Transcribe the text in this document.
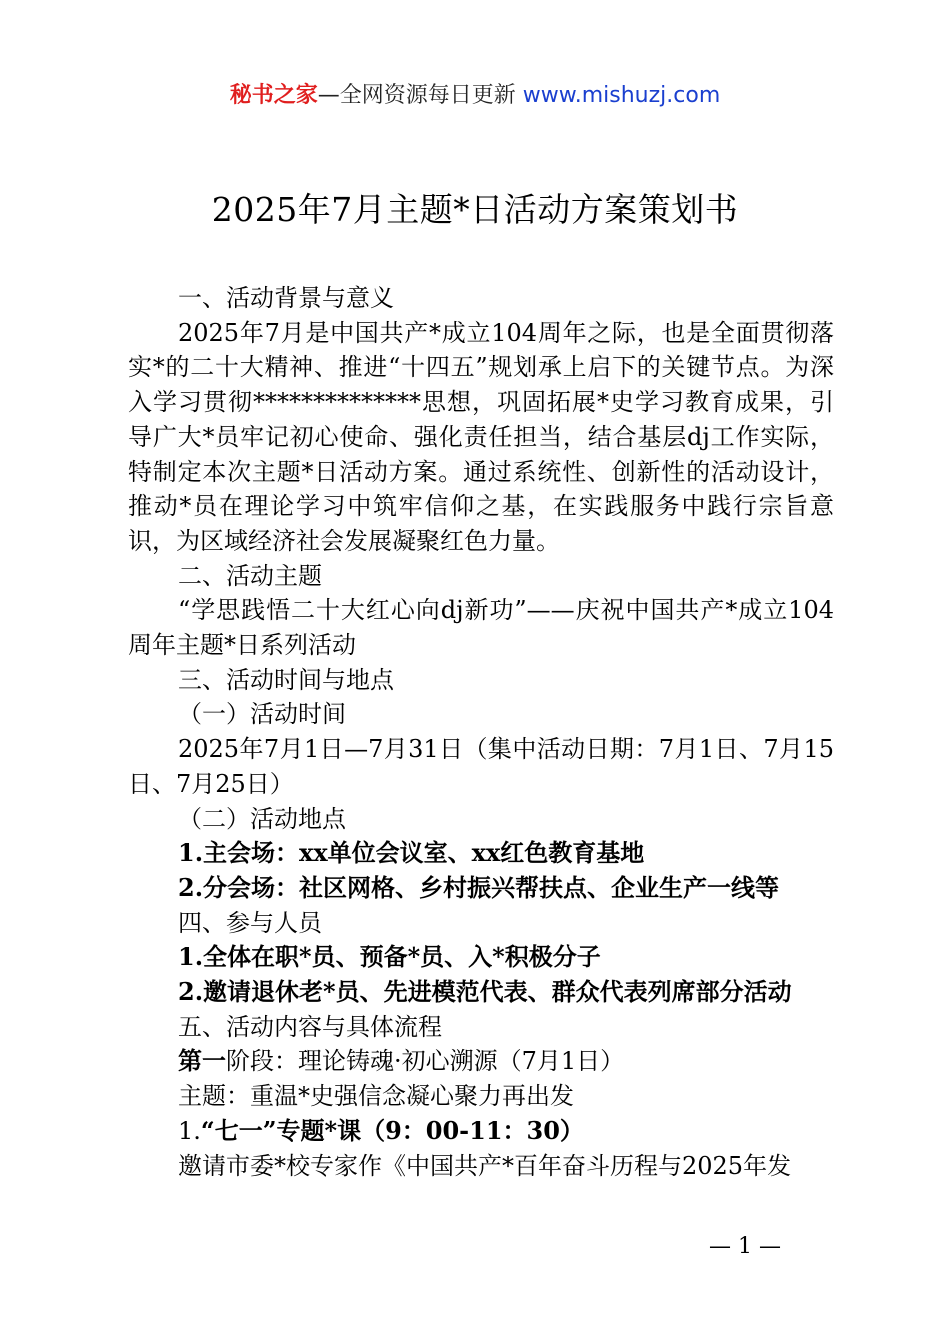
秘书之家—全网资源每日更新 www.mishuzj.com
2025年7月主题*日活动方案策划书

一、活动背景与意义

2025年7月是中国共产*成立104周年之际，也是全面贯彻落实*的二十大精神、推进“十四五”规划承上启下的关键节点。为深入学习贯彻**************思想，巩固拓展*史学习教育成果，引导广大*员牢记初心使命、强化责任担当，结合基层dj工作实际，特制定本次主题*日活动方案。通过系统性、创新性的活动设计，推动*员在理论学习中筑牢信仰之基，在实践服务中践行宗旨意识，为区域经济社会发展凝聚红色力量。

二、活动主题

“学思践悟二十大红心向dj新功”——庆祝中国共产*成立104周年主题*日系列活动

三、活动时间与地点

（一）活动时间

2025年7月1日—7月31日（集中活动日期：7月1日、7月15日、7月25日）

（二）活动地点

1.主会场：xx单位会议室、xx红色教育基地

2.分会场：社区网格、乡村振兴帮扶点、企业生产一线等

四、参与人员

1.全体在职*员、预备*员、入*积极分子

2.邀请退休老*员、先进模范代表、群众代表列席部分活动

五、活动内容与具体流程

第一阶段：理论铸魂·初心溯源（7月1日）

主题：重温*史强信念凝心聚力再出发

1.“七一”专题*课（9：00-11：30）

邀请市委*校专家作《中国共产*百年奋斗历程与2025年发

— 1 —
